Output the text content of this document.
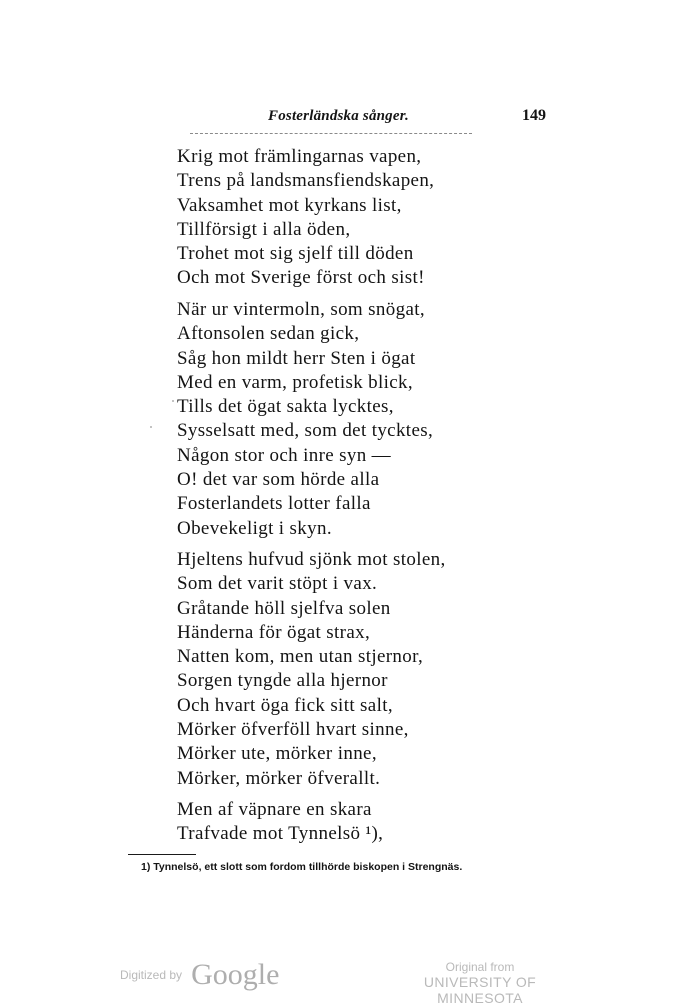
Fosterländska sånger.	149
Krig mot främlingarnas vapen,
Trens på landsmansfiendskapen,
Vaksamhet mot kyrkans list,
Tillförsigt i alla öden,
Trohet mot sig sjelf till döden
Och mot Sverige först och sist!
När ur vintermoln, som snögat,
Aftonsolen sedan gick,
Såg hon mildt herr Sten i ögat
Med en varm, profetisk blick,
Tills det ögat sakta lycktes,
Sysselsatt med, som det tycktes,
Någon stor och inre syn —
O! det var som hörde alla
Fosterlandets lotter falla
Obevekeligt i skyn.
Hjeltens hufvud sjönk mot stolen,
Som det varit stöpt i vax.
Gråtande höll sjelfva solen
Händerna för ögat strax,
Natten kom, men utan stjernor,
Sorgen tyngde alla hjernor
Och hvart öga fick sitt salt,
Mörker öfverföll hvart sinne,
Mörker ute, mörker inne,
Mörker, mörker öfverallt.
Men af väpnare en skara
Trafvade mot Tynnelsö ¹),
1) Tynnelsö, ett slott som fordom tillhörde biskopen i Strengnäs.
Digitized by Google	Original from
UNIVERSITY OF MINNESOTA
